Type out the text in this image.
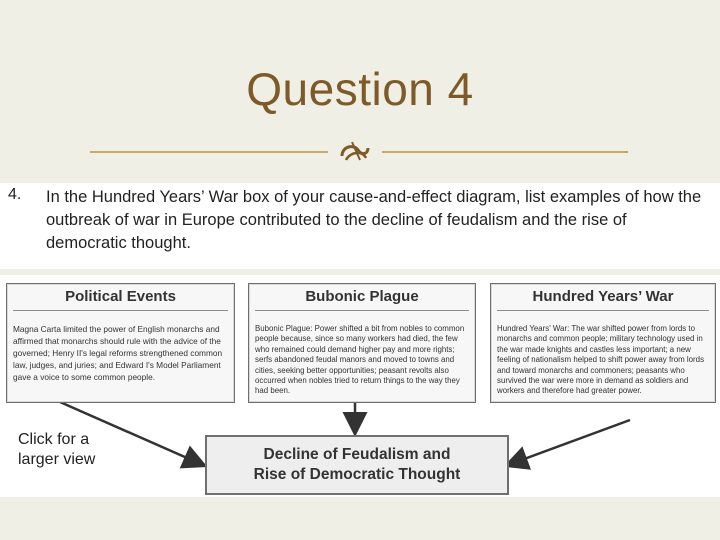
Question 4
4. In the Hundred Years’ War box of your cause-and-effect diagram, list examples of how the outbreak of war in Europe contributed to the decline of feudalism and the rise of democratic thought.
Political Events
Magna Carta limited the power of English monarchs and affirmed that monarchs should rule with the advice of the governed; Henry II's legal reforms strengthened common law, judges, and juries; and Edward I's Model Parliament gave a voice to some common people.
Bubonic Plague
Bubonic Plague: Power shifted a bit from nobles to common people because, since so many workers had died, the few who remained could demand higher pay and more rights; serfs abandoned feudal manors and moved to towns and cities, seeking better opportunities; peasant revolts also occurred when nobles tried to return things to the way they had been.
Hundred Years’ War
Hundred Years' War: The war shifted power from lords to monarchs and common people; military technology used in the war made knights and castles less important; a new feeling of nationalism helped to shift power away from lords and toward monarchs and commoners; peasants who survived the war were more in demand as soldiers and workers and therefore had greater power.
Decline of Feudalism and
Rise of Democratic Thought
Click for a larger view
